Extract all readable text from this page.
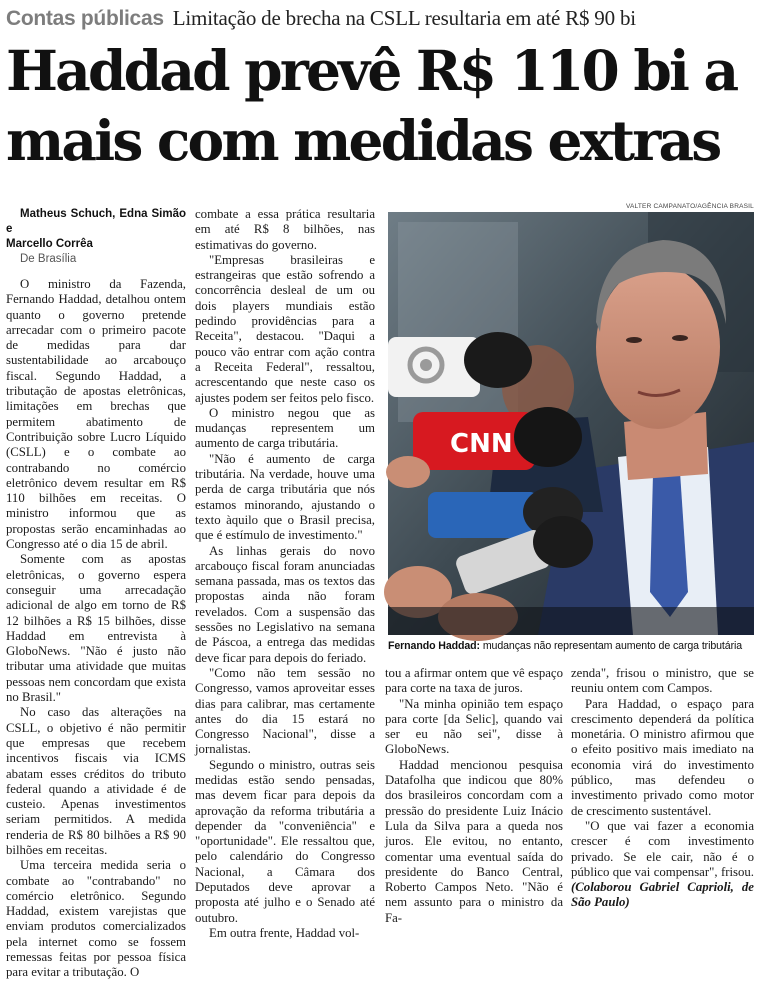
Contas públicas Limitação de brecha na CSLL resultaria em até R$ 90 bi
Haddad prevê R$ 110 bi a
mais com medidas extras

Matheus Schuch, Edna Simão e
Marcello Corrêa

De Brasília

O ministro da Fazenda, Fernando Haddad, detalhou ontem quanto o governo pretende arrecadar com o primeiro pacote de medidas para dar sustentabilidade ao arcabouço fiscal. Segundo Haddad, a tributação de apostas eletrônicas, limitações em brechas que permitem abatimento de Contribuição sobre Lucro Líquido (CSLL) e o combate ao contrabando no comércio eletrônico devem resultar em R$ 110 bilhões em receitas. O ministro informou que as propostas serão encaminhadas ao Congresso até o dia 15 de abril.

Somente com as apostas eletrônicas, o governo espera conseguir uma arrecadação adicional de algo em torno de R$ 12 bilhões a R$ 15 bilhões, disse Haddad em entrevista à GloboNews. "Não é justo não tributar uma atividade que muitas pessoas nem concordam que exista no Brasil."

No caso das alterações na CSLL, o objetivo é não permitir que empresas que recebem incentivos fiscais via ICMS abatam esses créditos do tributo federal quando a atividade é de custeio. Apenas investimentos seriam permitidos. A medida renderia de R$ 80 bilhões a R$ 90 bilhões em receitas.

Uma terceira medida seria o combate ao "contrabando" no comércio eletrônico. Segundo Haddad, existem varejistas que enviam produtos comercializados pela internet como se fossem remessas feitas por pessoa física para evitar a tributação. O

combate a essa prática resultaria em até R$ 8 bilhões, nas estimativas do governo.

"Empresas brasileiras e estrangeiras que estão sofrendo a concorrência desleal de um ou dois players mundiais estão pedindo providências para a Receita", destacou. "Daqui a pouco vão entrar com ação contra a Receita Federal", ressaltou, acrescentando que neste caso os ajustes podem ser feitos pelo fisco.

O ministro negou que as mudanças representem um aumento de carga tributária.

"Não é aumento de carga tributária. Na verdade, houve uma perda de carga tributária que nós estamos minorando, ajustando o texto àquilo que o Brasil precisa, que é estímulo de investimento."

As linhas gerais do novo arcabouço fiscal foram anunciadas semana passada, mas os textos das propostas ainda não foram revelados. Com a suspensão das sessões no Legislativo na semana de Páscoa, a entrega das medidas deve ficar para depois do feriado.

"Como não tem sessão no Congresso, vamos aproveitar esses dias para calibrar, mas certamente antes do dia 15 estará no Congresso Nacional", disse a jornalistas.

Segundo o ministro, outras seis medidas estão sendo pensadas, mas devem ficar para depois da aprovação da reforma tributária a depender da "conveniência" e "oportunidade". Ele ressaltou que, pelo calendário do Congresso Nacional, a Câmara dos Deputados deve aprovar a proposta até julho e o Senado até outubro.

Em outra frente, Haddad vol-

VALTER CAMPANATO/AGÊNCIA BRASIL
CNN
Fernando Haddad: mudanças não representam aumento de carga tributária

tou a afirmar ontem que vê espaço para corte na taxa de juros.

"Na minha opinião tem espaço para corte [da Selic], quando vai ser eu não sei", disse à GloboNews.

Haddad mencionou pesquisa Datafolha que indicou que 80% dos brasileiros concordam com a pressão do presidente Luiz Inácio Lula da Silva para a queda nos juros. Ele evitou, no entanto, comentar uma eventual saída do presidente do Banco Central, Roberto Campos Neto. "Não é nem assunto para o ministro da Fa-

zenda", frisou o ministro, que se reuniu ontem com Campos.

Para Haddad, o espaço para crescimento dependerá da política monetária. O ministro afirmou que o efeito positivo mais imediato na economia virá do investimento público, mas defendeu o investimento privado como motor de crescimento sustentável.

"O que vai fazer a economia crescer é com investimento privado. Se ele cair, não é o público que vai compensar", frisou. (Colaborou Gabriel Caprioli, de São Paulo)
